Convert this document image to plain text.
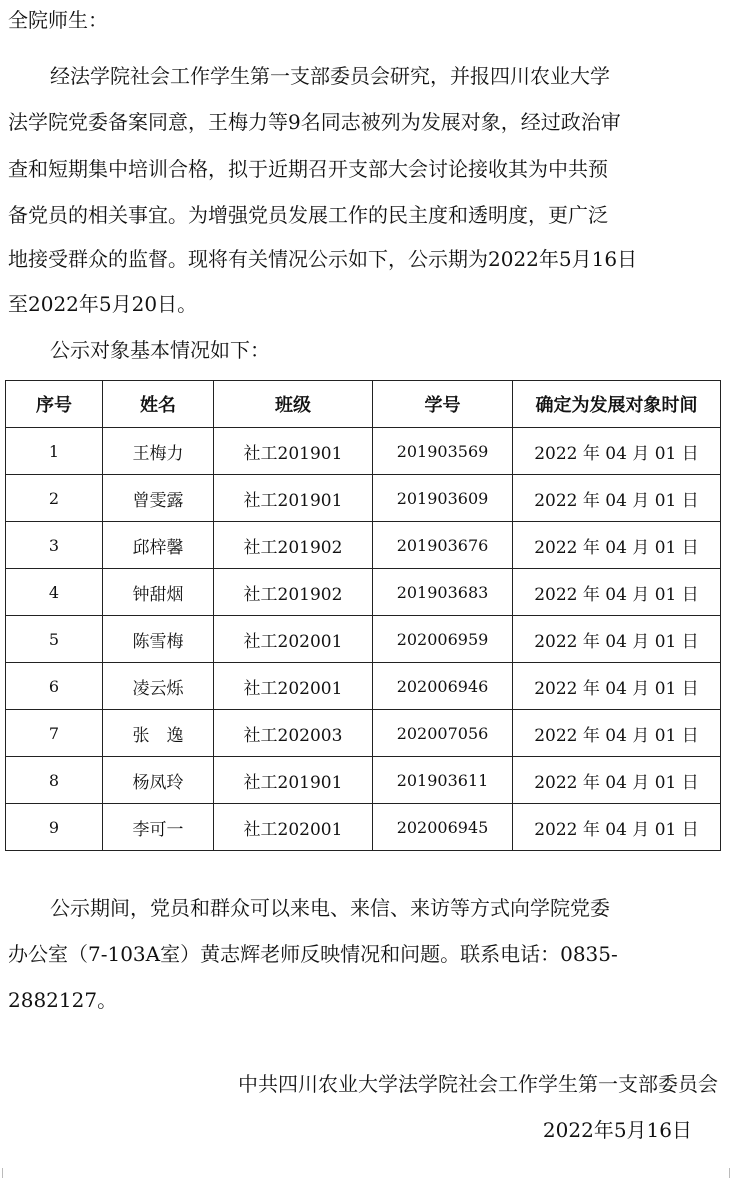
全院师生：
经法学院社会工作学生第一支部委员会研究，并报四川农业大学
法学院党委备案同意，王梅力等9名同志被列为发展对象，经过政治审
查和短期集中培训合格，拟于近期召开支部大会讨论接收其为中共预
备党员的相关事宜。为增强党员发展工作的民主度和透明度，更广泛
地接受群众的监督。现将有关情况公示如下，公示期为2022年5月16日
至2022年5月20日。
公示对象基本情况如下：
序号	姓名	班级	学号	确定为发展对象时间
1	王梅力	社工201901	201903569	2022 年 04 月 01 日
2	曾雯露	社工201901	201903609	2022 年 04 月 01 日
3	邱梓馨	社工201902	201903676	2022 年 04 月 01 日
4	钟甜烟	社工201902	201903683	2022 年 04 月 01 日
5	陈雪梅	社工202001	202006959	2022 年 04 月 01 日
6	凌云烁	社工202001	202006946	2022 年 04 月 01 日
7	张　逸	社工202003	202007056	2022 年 04 月 01 日
8	杨凤玲	社工201901	201903611	2022 年 04 月 01 日
9	李可一	社工202001	202006945	2022 年 04 月 01 日
公示期间，党员和群众可以来电、来信、来访等方式向学院党委
办公室（7-103A室）黄志辉老师反映情况和问题。联系电话：0835-
2882127。
中共四川农业大学法学院社会工作学生第一支部委员会
2022年5月16日
